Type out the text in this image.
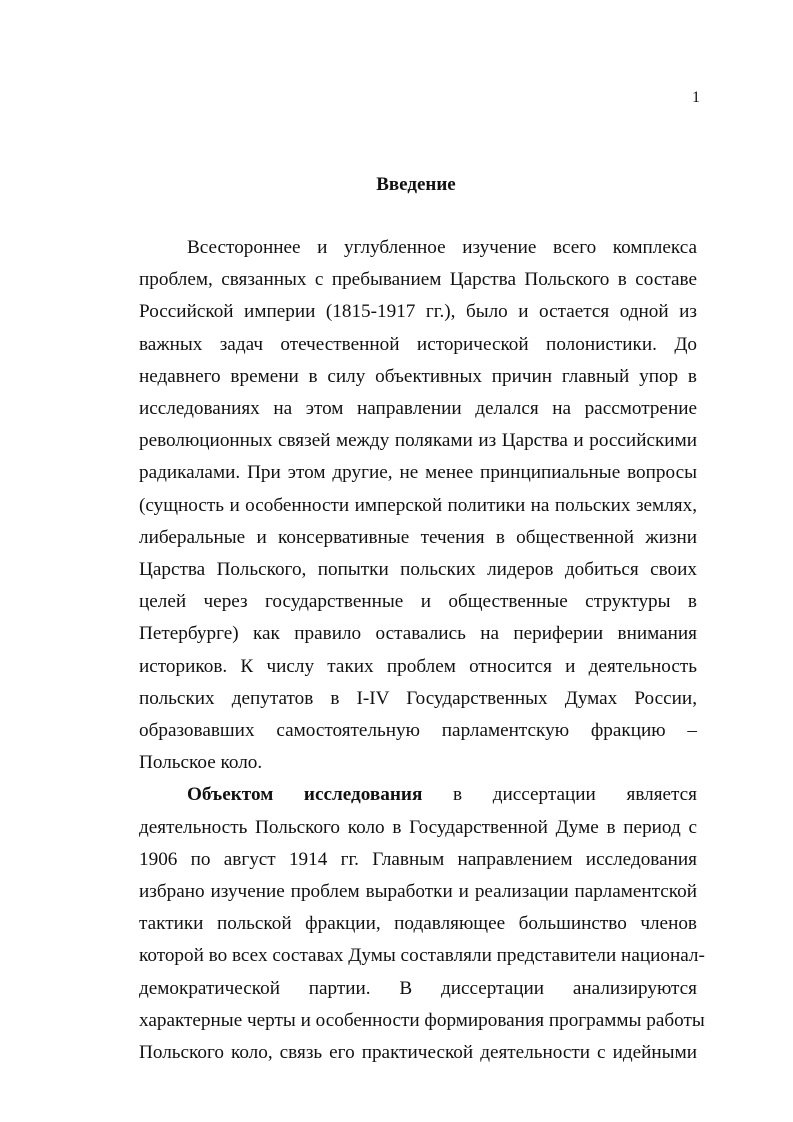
1
Введение
Всестороннее и углубленное изучение всего комплекса
проблем, связанных с пребыванием Царства Польского в составе
Российской империи (1815-1917 гг.), было и остается одной из
важных задач отечественной исторической полонистики. До
недавнего времени в силу объективных причин главный упор в
исследованиях на этом направлении делался на рассмотрение
революционных связей между поляками из Царства и российскими
радикалами. При этом другие, не менее принципиальные вопросы
(сущность и особенности имперской политики на польских землях,
либеральные и консервативные течения в общественной жизни
Царства Польского, попытки польских лидеров добиться своих
целей через государственные и общественные структуры в
Петербурге) как правило оставались на периферии внимания
историков. К числу таких проблем относится и деятельность
польских депутатов в I-IV Государственных Думах России,
образовавших самостоятельную парламентскую фракцию –
Польское коло.
Объектом исследования в диссертации является
деятельность Польского коло в Государственной Думе в период с
1906 по август 1914 гг. Главным направлением исследования
избрано изучение проблем выработки и реализации парламентской
тактики польской фракции, подавляющее большинство членов
которой во всех составах Думы составляли представители национал-
демократической партии. В диссертации анализируются
характерные черты и особенности формирования программы работы
Польского коло, связь его практической деятельности с идейными
